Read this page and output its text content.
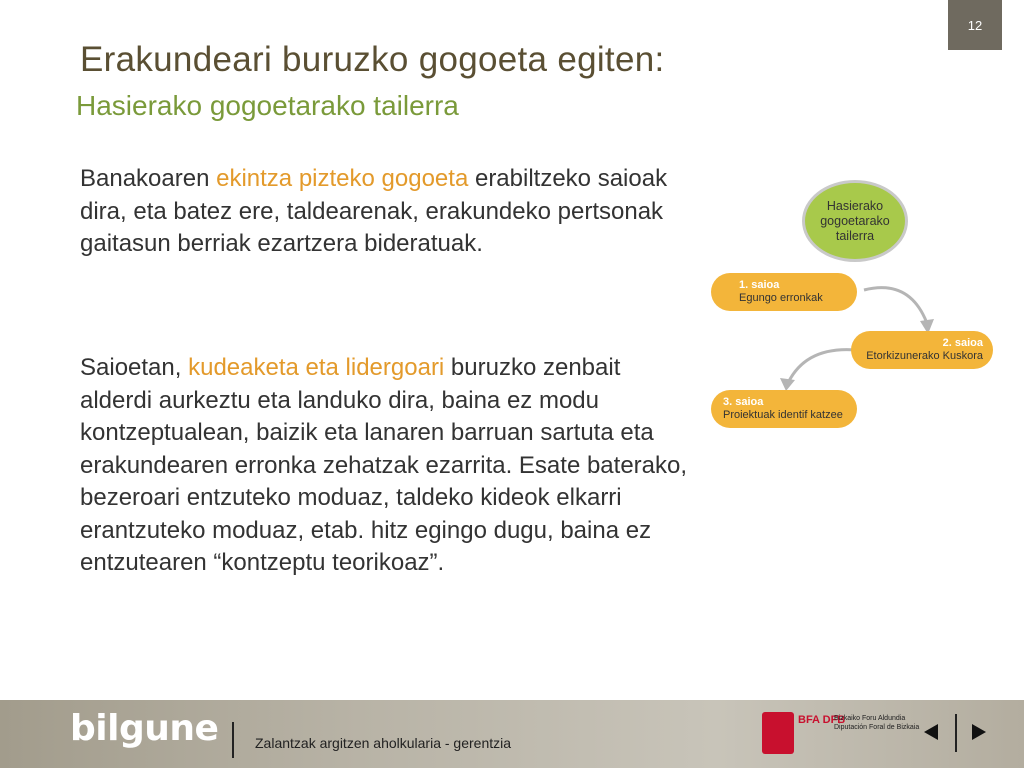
12
Erakundeari buruzko gogoeta egiten:
Hasierako gogoetarako tailerra

Banakoaren ekintza pizteko gogoeta erabiltzeko saioak dira, eta batez ere, taldearenak, erakundeko pertsonak gaitasun berriak ezartzera bideratuak.

Saioetan, kudeaketa eta lidergoari buruzko zenbait alderdi aurkeztu eta landuko dira, baina ez modu kontzeptualean, baizik eta lanaren barruan sartuta eta erakundearen erronka zehatzak ezarrita. Esate baterako, bezeroari entzuteko moduaz, taldeko kideok elkarri erantzuteko moduaz, etab. hitz egingo dugu, baina ez entzutearen “kontzeptu teorikoaz”.

Hasierako
gogoetarako
tailerra
1. saioa
Egungo erronkak
2. saioa
Etorkizunerako Kuskora
3. saioa
Proiektuak identif katzee
bilgune	Zalantzak argitzen aholkularia - gerentzia
BFA DFB
Bizkaiko Foru Aldundia Diputación Foral de Bizkaia
